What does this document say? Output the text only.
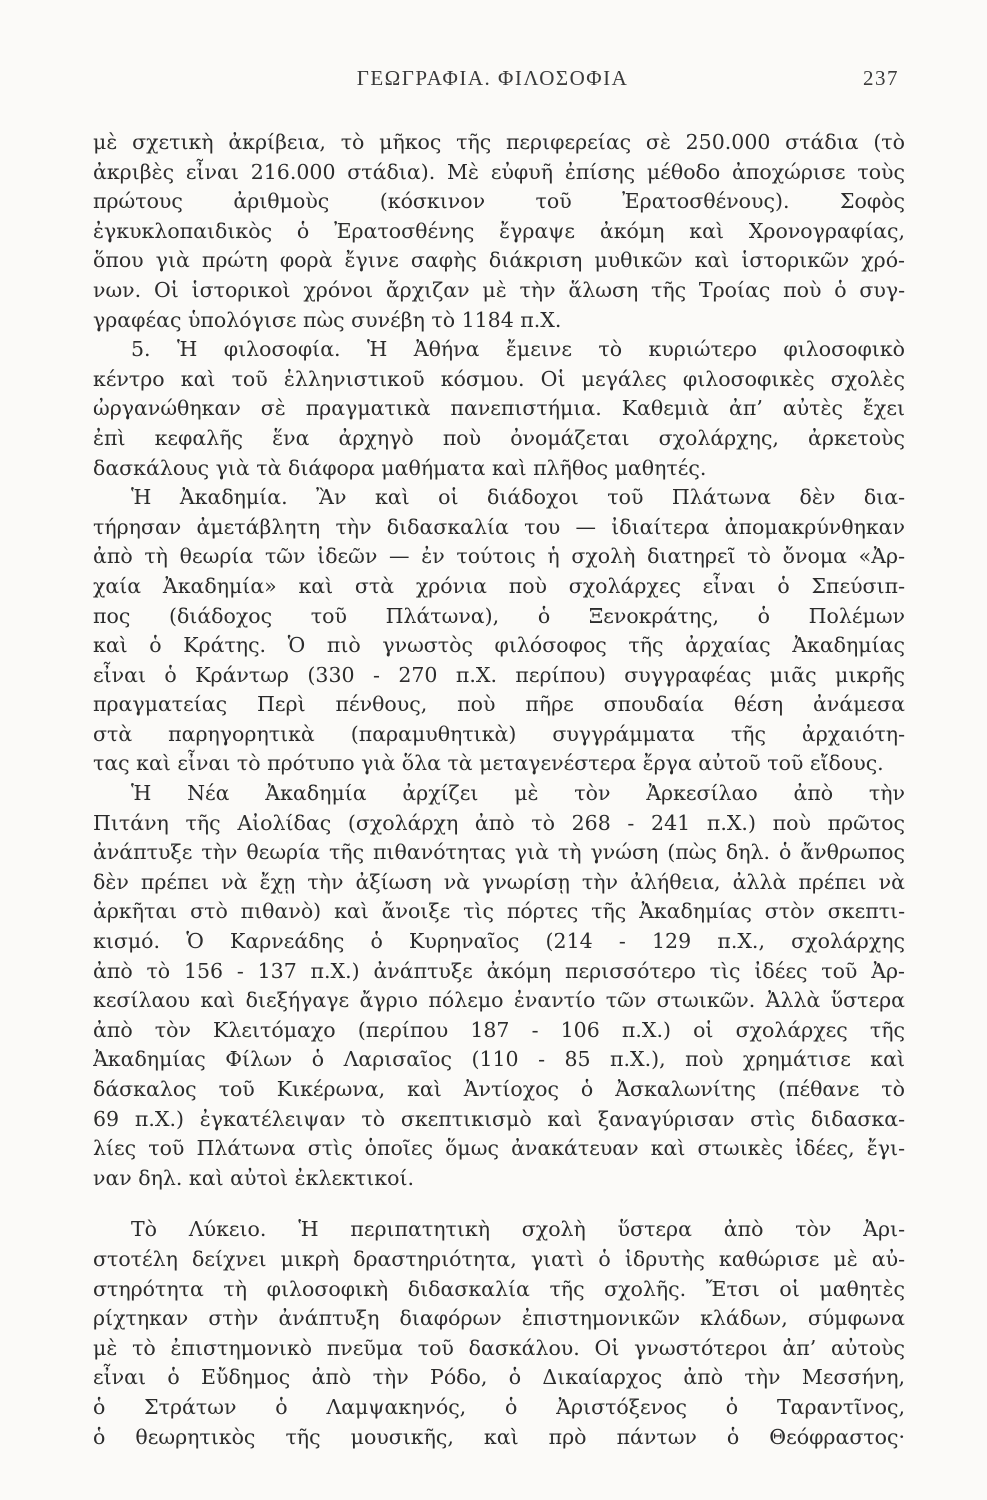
ΓΕΩΓΡΑΦΙΑ. ΦΙΛΟΣΟΦΙΑ	237
μὲ σχετικὴ ἀκρίβεια, τὸ μῆκος τῆς περιφερείας σὲ 250.000 στάδια (τὸ
ἀκριβὲς εἶναι 216.000 στάδια). Μὲ εὐφυῆ ἐπίσης μέθοδο ἀποχώρισε τοὺς
πρώτους ἀριθμοὺς (κόσκινον τοῦ Ἐρατοσθένους). Σοφὸς
ἐγκυκλοπαιδικὸς ὁ Ἐρατοσθένης ἔγραψε ἀκόμη καὶ Χρονογραφίας,
ὅπου γιὰ πρώτη φορὰ ἔγινε σαφὴς διάκριση μυθικῶν καὶ ἱστορικῶν χρό-
νων. Οἱ ἱστορικοὶ χρόνοι ἄρχιζαν μὲ τὴν ἅλωση τῆς Τροίας ποὺ ὁ συγ-
γραφέας ὑπολόγισε πὼς συνέβη τὸ 1184 π.Χ.
5. Ἡ φιλοσοφία. Ἡ Ἀθήνα ἔμεινε τὸ κυριώτερο φιλοσοφικὸ
κέντρο καὶ τοῦ ἑλληνιστικοῦ κόσμου. Οἱ μεγάλες φιλοσοφικὲς σχολὲς
ὠργανώθηκαν σὲ πραγματικὰ πανεπιστήμια. Καθεμιὰ ἀπ’ αὐτὲς ἔχει
ἐπὶ κεφαλῆς ἕνα ἀρχηγὸ ποὺ ὀνομάζεται σχολάρχης, ἀρκετοὺς
δασκάλους γιὰ τὰ διάφορα μαθήματα καὶ πλῆθος μαθητές.
Ἡ Ἀκαδημία. Ἂν καὶ οἱ διάδοχοι τοῦ Πλάτωνα δὲν δια-
τήρησαν ἀμετάβλητη τὴν διδασκαλία του — ἰδιαίτερα ἀπομακρύνθηκαν
ἀπὸ τὴ θεωρία τῶν ἰδεῶν — ἐν τούτοις ἡ σχολὴ διατηρεῖ τὸ ὄνομα «Ἀρ-
χαία Ἀκαδημία» καὶ στὰ χρόνια ποὺ σχολάρχες εἶναι ὁ Σπεύσιπ-
πος (διάδοχος τοῦ Πλάτωνα), ὁ Ξενοκράτης, ὁ Πολέμων
καὶ ὁ Κράτης. Ὁ πιὸ γνωστὸς φιλόσοφος τῆς ἀρχαίας Ἀκαδημίας
εἶναι ὁ Κράντωρ (330 - 270 π.Χ. περίπου) συγγραφέας μιᾶς μικρῆς
πραγματείας Περὶ πένθους, ποὺ πῆρε σπουδαία θέση ἀνάμεσα
στὰ παρηγορητικὰ (παραμυθητικὰ) συγγράμματα τῆς ἀρχαιότη-
τας καὶ εἶναι τὸ πρότυπο γιὰ ὅλα τὰ μεταγενέστερα ἔργα αὐτοῦ τοῦ εἴδους.
Ἡ Νέα Ἀκαδημία ἀρχίζει μὲ τὸν Ἀρκεσίλαο ἀπὸ τὴν
Πιτάνη τῆς Αἰολίδας (σχολάρχη ἀπὸ τὸ 268 - 241 π.Χ.) ποὺ πρῶτος
ἀνάπτυξε τὴν θεωρία τῆς πιθανότητας γιὰ τὴ γνώση (πὼς δηλ. ὁ ἄνθρωπος
δὲν πρέπει νὰ ἔχῃ τὴν ἀξίωση νὰ γνωρίσῃ τὴν ἀλήθεια, ἀλλὰ πρέπει νὰ
ἀρκῆται στὸ πιθανὸ) καὶ ἄνοιξε τὶς πόρτες τῆς Ἀκαδημίας στὸν σκεπτι-
κισμό. Ὁ Καρνεάδης ὁ Κυρηναῖος (214 - 129 π.Χ., σχολάρχης
ἀπὸ τὸ 156 - 137 π.Χ.) ἀνάπτυξε ἀκόμη περισσότερο τὶς ἰδέες τοῦ Ἀρ-
κεσίλαου καὶ διεξήγαγε ἄγριο πόλεμο ἐναντίο τῶν στωικῶν. Ἀλλὰ ὕστερα
ἀπὸ τὸν Κλειτόμαχο (περίπου 187 - 106 π.Χ.) οἱ σχολάρχες τῆς
Ἀκαδημίας Φίλων ὁ Λαρισαῖος (110 - 85 π.Χ.), ποὺ χρημάτισε καὶ
δάσκαλος τοῦ Κικέρωνα, καὶ Ἀντίοχος ὁ Ἀσκαλωνίτης (πέθανε τὸ
69 π.Χ.) ἐγκατέλειψαν τὸ σκεπτικισμὸ καὶ ξαναγύρισαν στὶς διδασκα-
λίες τοῦ Πλάτωνα στὶς ὁποῖες ὅμως ἀνακάτευαν καὶ στωικὲς ἰδέες, ἔγι-
ναν δηλ. καὶ αὐτοὶ ἐκλεκτικοί.
Τὸ Λύκειο. Ἡ περιπατητικὴ σχολὴ ὕστερα ἀπὸ τὸν Ἀρι-
στοτέλη δείχνει μικρὴ δραστηριότητα, γιατὶ ὁ ἱδρυτὴς καθώρισε μὲ αὐ-
στηρότητα τὴ φιλοσοφικὴ διδασκαλία τῆς σχολῆς. Ἔτσι οἱ μαθητὲς
ρίχτηκαν στὴν ἀνάπτυξη διαφόρων ἐπιστημονικῶν κλάδων, σύμφωνα
μὲ τὸ ἐπιστημονικὸ πνεῦμα τοῦ δασκάλου. Οἱ γνωστότεροι ἀπ’ αὐτοὺς
εἶναι ὁ Εὔδημος ἀπὸ τὴν Ρόδο, ὁ Δικαίαρχος ἀπὸ τὴν Μεσσήνη,
ὁ Στράτων ὁ Λαμψακηνός, ὁ Ἀριστόξενος ὁ Ταραντῖνος,
ὁ θεωρητικὸς τῆς μουσικῆς, καὶ πρὸ πάντων ὁ Θεόφραστος·
